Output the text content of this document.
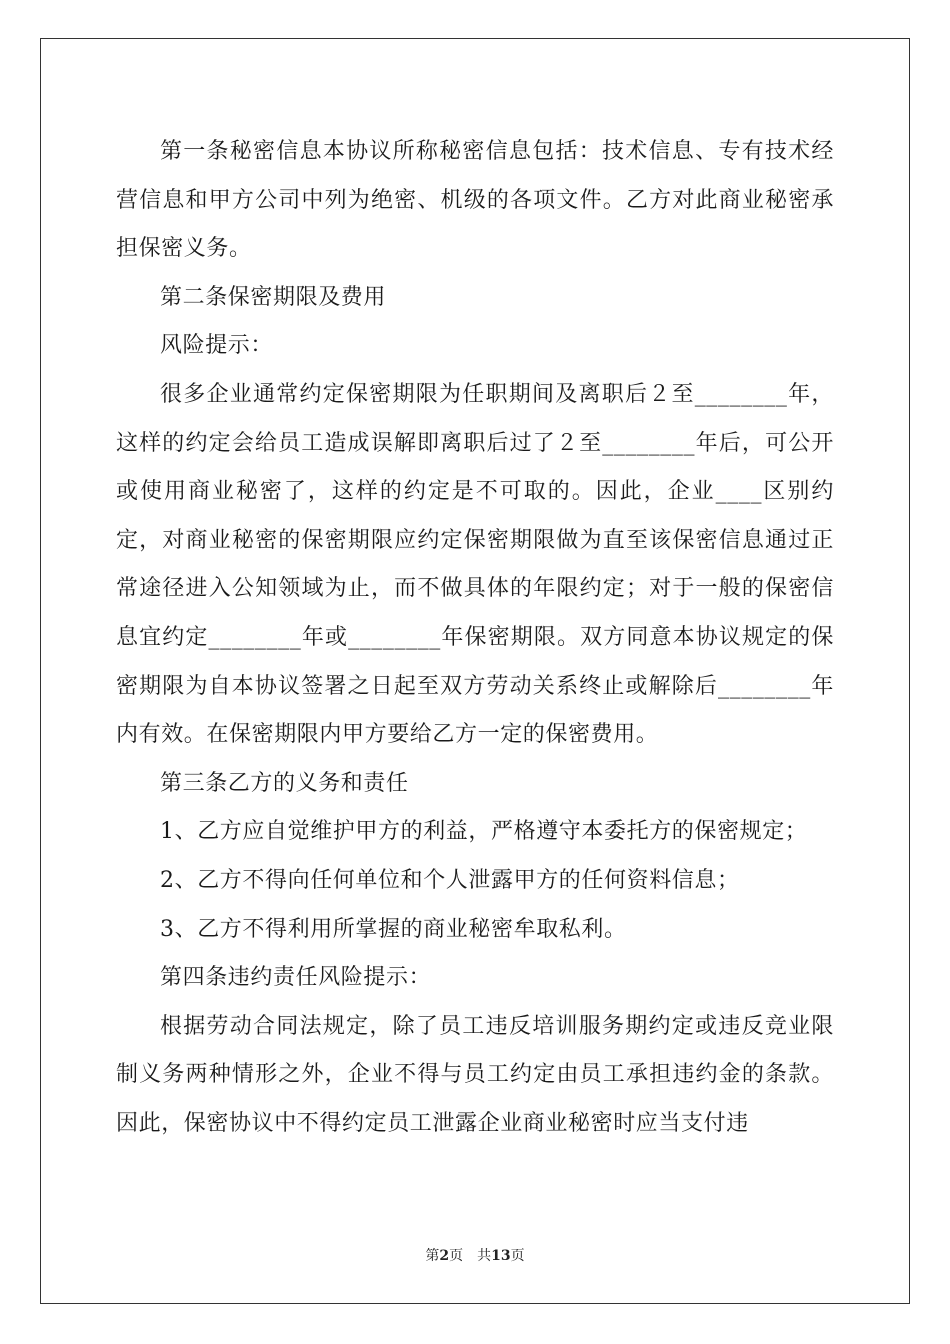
第一条秘密信息本协议所称秘密信息包括：技术信息、专有技术经营信息和甲方公司中列为绝密、机级的各项文件。乙方对此商业秘密承担保密义务。

第二条保密期限及费用

风险提示：

很多企业通常约定保密期限为任职期间及离职后２至________年，这样的约定会给员工造成误解即离职后过了２至________年后，可公开或使用商业秘密了，这样的约定是不可取的。因此，企业____区别约定，对商业秘密的保密期限应约定保密期限做为直至该保密信息通过正常途径进入公知领域为止，而不做具体的年限约定；对于一般的保密信息宜约定________年或________年保密期限。双方同意本协议规定的保密期限为自本协议签署之日起至双方劳动关系终止或解除后________年内有效。在保密期限内甲方要给乙方一定的保密费用。

第三条乙方的义务和责任

1、乙方应自觉维护甲方的利益，严格遵守本委托方的保密规定；

2、乙方不得向任何单位和个人泄露甲方的任何资料信息；

3、乙方不得利用所掌握的商业秘密牟取私利。

第四条违约责任风险提示：

根据劳动合同法规定，除了员工违反培训服务期约定或违反竞业限制义务两种情形之外，企业不得与员工约定由员工承担违约金的条款。因此，保密协议中不得约定员工泄露企业商业秘密时应当支付违

第2页 共13页
